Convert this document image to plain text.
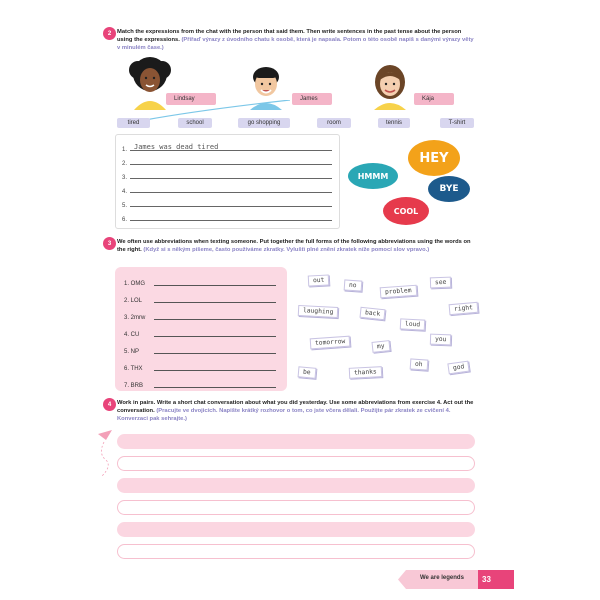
2	Match the expressions from the chat with the person that said them. Then write sentences in the past tense about the person using the expressions. (Přiřaď výrazy z úvodního chatu k osobě, která je napsala. Potom o této osobě napiš s danými výrazy věty v minulém čase.)
Lindsay	James	Kája
tired	school	go shopping	room	tennis	T-shirt
1. James was dead tired
2.
3.
4.
5.
6.
HMMM
HEY
BYE
COOL
3	We often use abbreviations when texting someone. Put together the full forms of the following abbreviations using the words on the right. (Když si s někým píšeme, často používáme zkratky. Vyluštì plné znění zkratek níže pomocí slov vpravo.)
1. OMG
2. LOL
3. 2mrw
4. CU
5. NP
6. THX
7. BRB
out
no	see
problem
laughing	back
right
loud
tomorrow	my
you
be	thanks
oh	god
4	Work in pairs. Write a short chat conversation about what you did yesterday. Use some abbreviations from exercise 4. Act out the conversation. (Pracujte ve dvojicích. Napište krátký rozhovor o tom, co jste včera dělali. Použijte pár zkratek ze cvičení 4. Konverzaci pak sehrajte.)
We are legends	33
